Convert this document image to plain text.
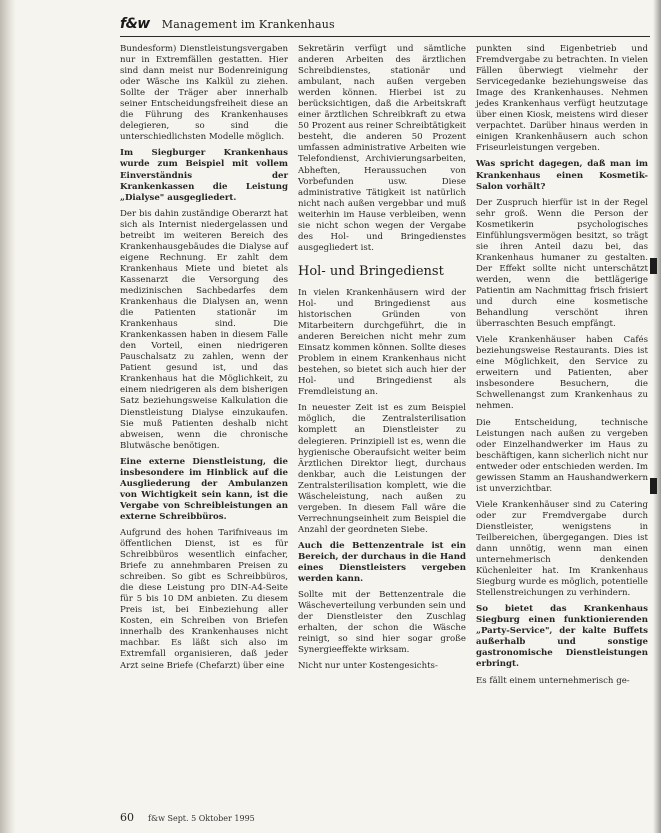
f&w Management im Krankenhaus

Bundesform) Dienstleistungsvergaben nur in Extremfällen gestatten. Hier sind dann meist nur Bodenreinigung oder Wäsche ins Kalkül zu ziehen. Sollte der Träger aber innerhalb seiner Entscheidungsfreiheit diese an die Führung des Krankenhauses delegieren, so sind die unterschiedlichsten Modelle möglich.

Im Siegburger Krankenhaus wurde zum Beispiel mit vollem Einverständnis der Krankenkassen die Leistung „Dialyse" ausgegliedert.

Der bis dahin zuständige Oberarzt hat sich als Internist niedergelassen und betreibt im weiteren Bereich des Krankenhausgebäudes die Dialyse auf eigene Rechnung. Er zahlt dem Krankenhaus Miete und bietet als Kassenarzt die Versorgung des medizinischen Sachbedarfes dem Krankenhaus die Dialysen an, wenn die Patienten stationär im Krankenhaus sind. Die Krankenkassen haben in diesem Falle den Vorteil, einen niedrigeren Pauschalsatz zu zahlen, wenn der Patient gesund ist, und das Krankenhaus hat die Möglichkeit, zu einem niedrigeren als dem bisherigen Satz beziehungsweise Kalkulation die Dienstleistung Dialyse einzukaufen. Sie muß Patienten deshalb nicht abweisen, wenn die chronische Blutwäsche benötigen.

Eine externe Dienstleistung, die insbesondere im Hinblick auf die Ausgliederung der Ambulanzen von Wichtigkeit sein kann, ist die Vergabe von Schreibleistungen an externe Schreibbüros.

Aufgrund des hohen Tarifniveaus im öffentlichen Dienst, ist es für Schreibbüros wesentlich einfacher, Briefe zu annehmbaren Preisen zu schreiben. So gibt es Schreibbüros, die diese Leistung pro DIN-A4-Seite für 5 bis 10 DM anbieten. Zu diesem Preis ist, bei Einbeziehung aller Kosten, ein Schreiben von Briefen innerhalb des Krankenhauses nicht machbar. Es läßt sich also im Extremfall organisieren, daß jeder Arzt seine Briefe (Chefarzt) über eine

Sekretärin verfügt und sämtliche anderen Arbeiten des ärztlichen Schreibdienstes, stationär und ambulant, nach außen vergeben werden können. Hierbei ist zu berücksichtigen, daß die Arbeitskraft einer ärztlichen Schreibkraft zu etwa 50 Prozent aus reiner Schreibtätigkeit besteht, die anderen 50 Prozent umfassen administrative Arbeiten wie Telefondienst, Archivierungsarbeiten, Abheften, Heraussuchen von Vorbefunden usw. Diese administrative Tätigkeit ist natürlich nicht nach außen vergebbar und muß weiterhin im Hause verbleiben, wenn sie nicht schon wegen der Vergabe des Hol- und Bringedienstes ausgegliedert ist.

Hol- und Bringedienst

In vielen Krankenhäusern wird der Hol- und Bringedienst aus historischen Gründen von Mitarbeitern durchgeführt, die in anderen Bereichen nicht mehr zum Einsatz kommen können. Sollte dieses Problem in einem Krankenhaus nicht bestehen, so bietet sich auch hier der Hol- und Bringedienst als Fremdleistung an.

In neuester Zeit ist es zum Beispiel möglich, die Zentralsterilisation komplett an Dienstleister zu delegieren. Prinzipiell ist es, wenn die hygienische Oberaufsicht weiter beim Ärztlichen Direktor liegt, durchaus denkbar, auch die Leistungen der Zentralsterilisation komplett, wie die Wäscheleistung, nach außen zu vergeben. In diesem Fall wäre die Verrechnungseinheit zum Beispiel die Anzahl der geordneten Siebe.

Auch die Bettenzentrale ist ein Bereich, der durchaus in die Hand eines Dienstleisters vergeben werden kann.

Sollte mit der Bettenzentrale die Wäscheverteilung verbunden sein und der Dienstleister den Zuschlag erhalten, der schon die Wäsche reinigt, so sind hier sogar große Synergieeffekte wirksam.

Nicht nur unter Kostengesichts-

punkten sind Eigenbetrieb und Fremdvergabe zu betrachten. In vielen Fällen überwiegt vielmehr der Servicegedanke beziehungsweise das Image des Krankenhauses. Nehmen jedes Krankenhaus verfügt heutzutage über einen Kiosk, meistens wird dieser verpachtet. Darüber hinaus werden in einigen Krankenhäusern auch schon Friseurleistungen vergeben.

Was spricht dagegen, daß man im Krankenhaus einen Kosmetik-Salon vorhält?

Der Zuspruch hierfür ist in der Regel sehr groß. Wenn die Person der Kosmetikerin psychologisches Einfühlungsvermögen besitzt, so trägt sie ihren Anteil dazu bei, das Krankenhaus humaner zu gestalten. Der Effekt sollte nicht unterschätzt werden, wenn die bettlägerige Patientin am Nachmittag frisch frisiert und durch eine kosmetische Behandlung verschönt ihren überraschten Besuch empfängt.

Viele Krankenhäuser haben Cafés beziehungsweise Restaurants. Dies ist eine Möglichkeit, den Service zu erweitern und Patienten, aber insbesondere Besuchern, die Schwellenangst zum Krankenhaus zu nehmen.

Die Entscheidung, technische Leistungen nach außen zu vergeben oder Einzelhandwerker im Haus zu beschäftigen, kann sicherlich nicht nur entweder oder entschieden werden. Im gewissen Stamm an Haushandwerkern ist unverzichtbar.

Viele Krankenhäuser sind zu Catering oder zur Fremdvergabe durch Dienstleister, wenigstens in Teilbereichen, übergegangen. Dies ist dann unnötig, wenn man einen unternehmerisch denkenden Küchenleiter hat. Im Krankenhaus Siegburg wurde es möglich, potentielle Stellenstreichungen zu verhindern.

So bietet das Krankenhaus Siegburg einen funktionierenden „Party-Service", der kalte Buffets außerhalb und sonstige gastronomische Dienstleistungen erbringt.

Es fällt einem unternehmerisch ge-

60 f&w Sept. 5 Oktober 1995
